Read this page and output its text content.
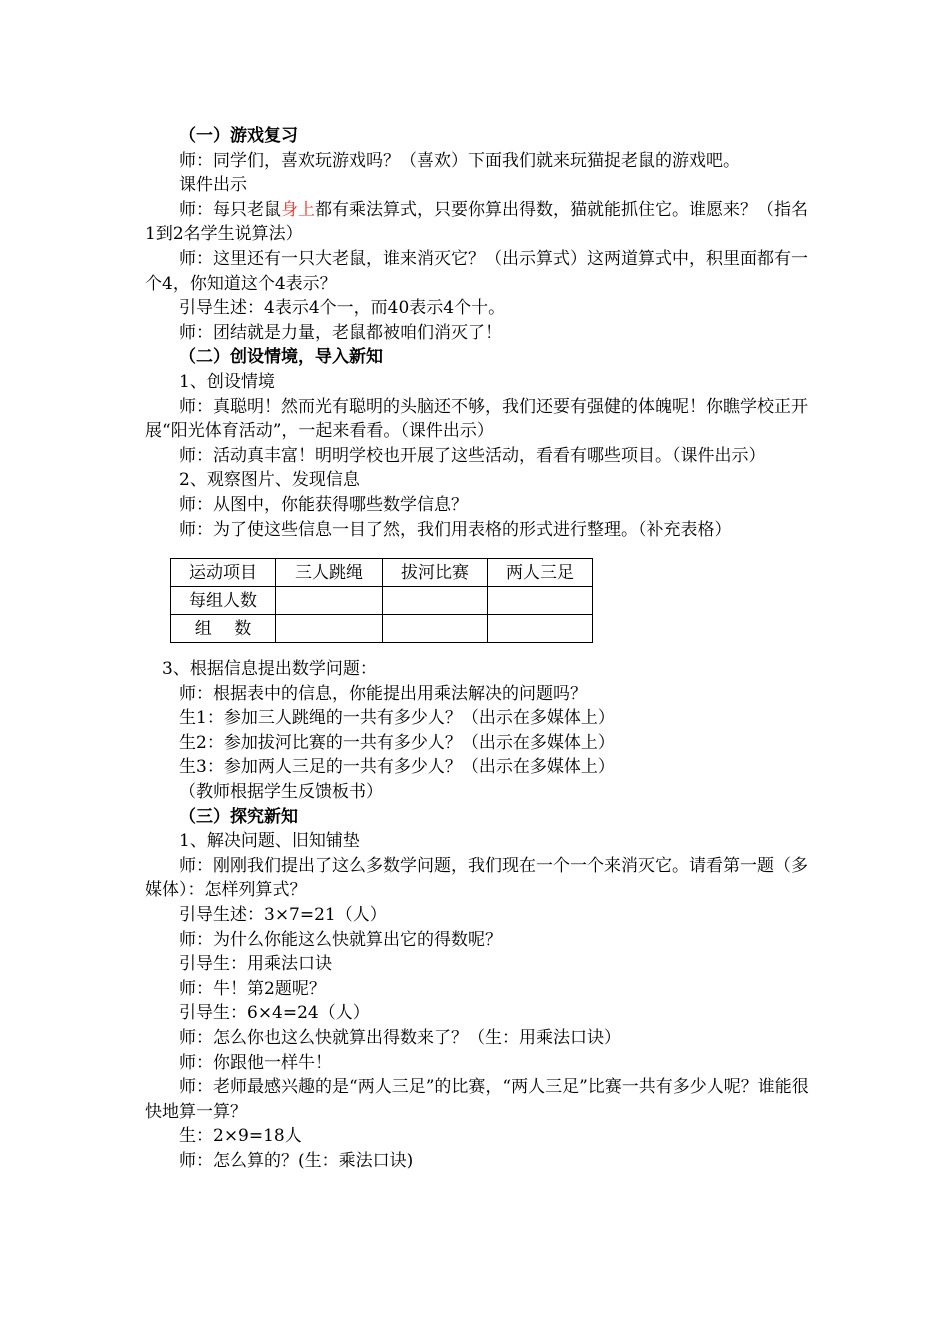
（一）游戏复习

师：同学们，喜欢玩游戏吗？（喜欢）下面我们就来玩猫捉老鼠的游戏吧。

课件出示

师：每只老鼠身上都有乘法算式，只要你算出得数，猫就能抓住它。谁愿来？（指名1到2名学生说算法）

师：这里还有一只大老鼠，谁来消灭它？（出示算式）这两道算式中，积里面都有一个4，你知道这个4表示？

引导生述：4表示4个一，而40表示4个十。

师：团结就是力量，老鼠都被咱们消灭了！

（二）创设情境，导入新知

1、创设情境

师：真聪明！然而光有聪明的头脑还不够，我们还要有强健的体魄呢！你瞧学校正开展“阳光体育活动”，一起来看看。（课件出示）

师：活动真丰富！明明学校也开展了这些活动，看看有哪些项目。（课件出示）

2、观察图片、发现信息

师：从图中，你能获得哪些数学信息？

师：为了使这些信息一目了然，我们用表格的形式进行整理。（补充表格）

运动项目	三人跳绳	拔河比赛	两人三足
每组人数			
组　 数			

3、根据信息提出数学问题：

师：根据表中的信息，你能提出用乘法解决的问题吗？

生1：参加三人跳绳的一共有多少人？（出示在多媒体上）

生2：参加拔河比赛的一共有多少人？（出示在多媒体上）

生3：参加两人三足的一共有多少人？（出示在多媒体上）

（教师根据学生反馈板书）

（三）探究新知

1、解决问题、旧知铺垫

师：刚刚我们提出了这么多数学问题，我们现在一个一个来消灭它。请看第一题（多媒体）：怎样列算式？

引导生述：3×7=21（人）

师：为什么你能这么快就算出它的得数呢？

引导生：用乘法口诀

师：牛！第2题呢？

引导生：6×4=24（人）

师：怎么你也这么快就算出得数来了？（生：用乘法口诀）

师：你跟他一样牛！

师：老师最感兴趣的是“两人三足”的比赛，“两人三足”比赛一共有多少人呢？谁能很快地算一算？

生：2×9=18人

师：怎么算的？(生：乘法口诀)
